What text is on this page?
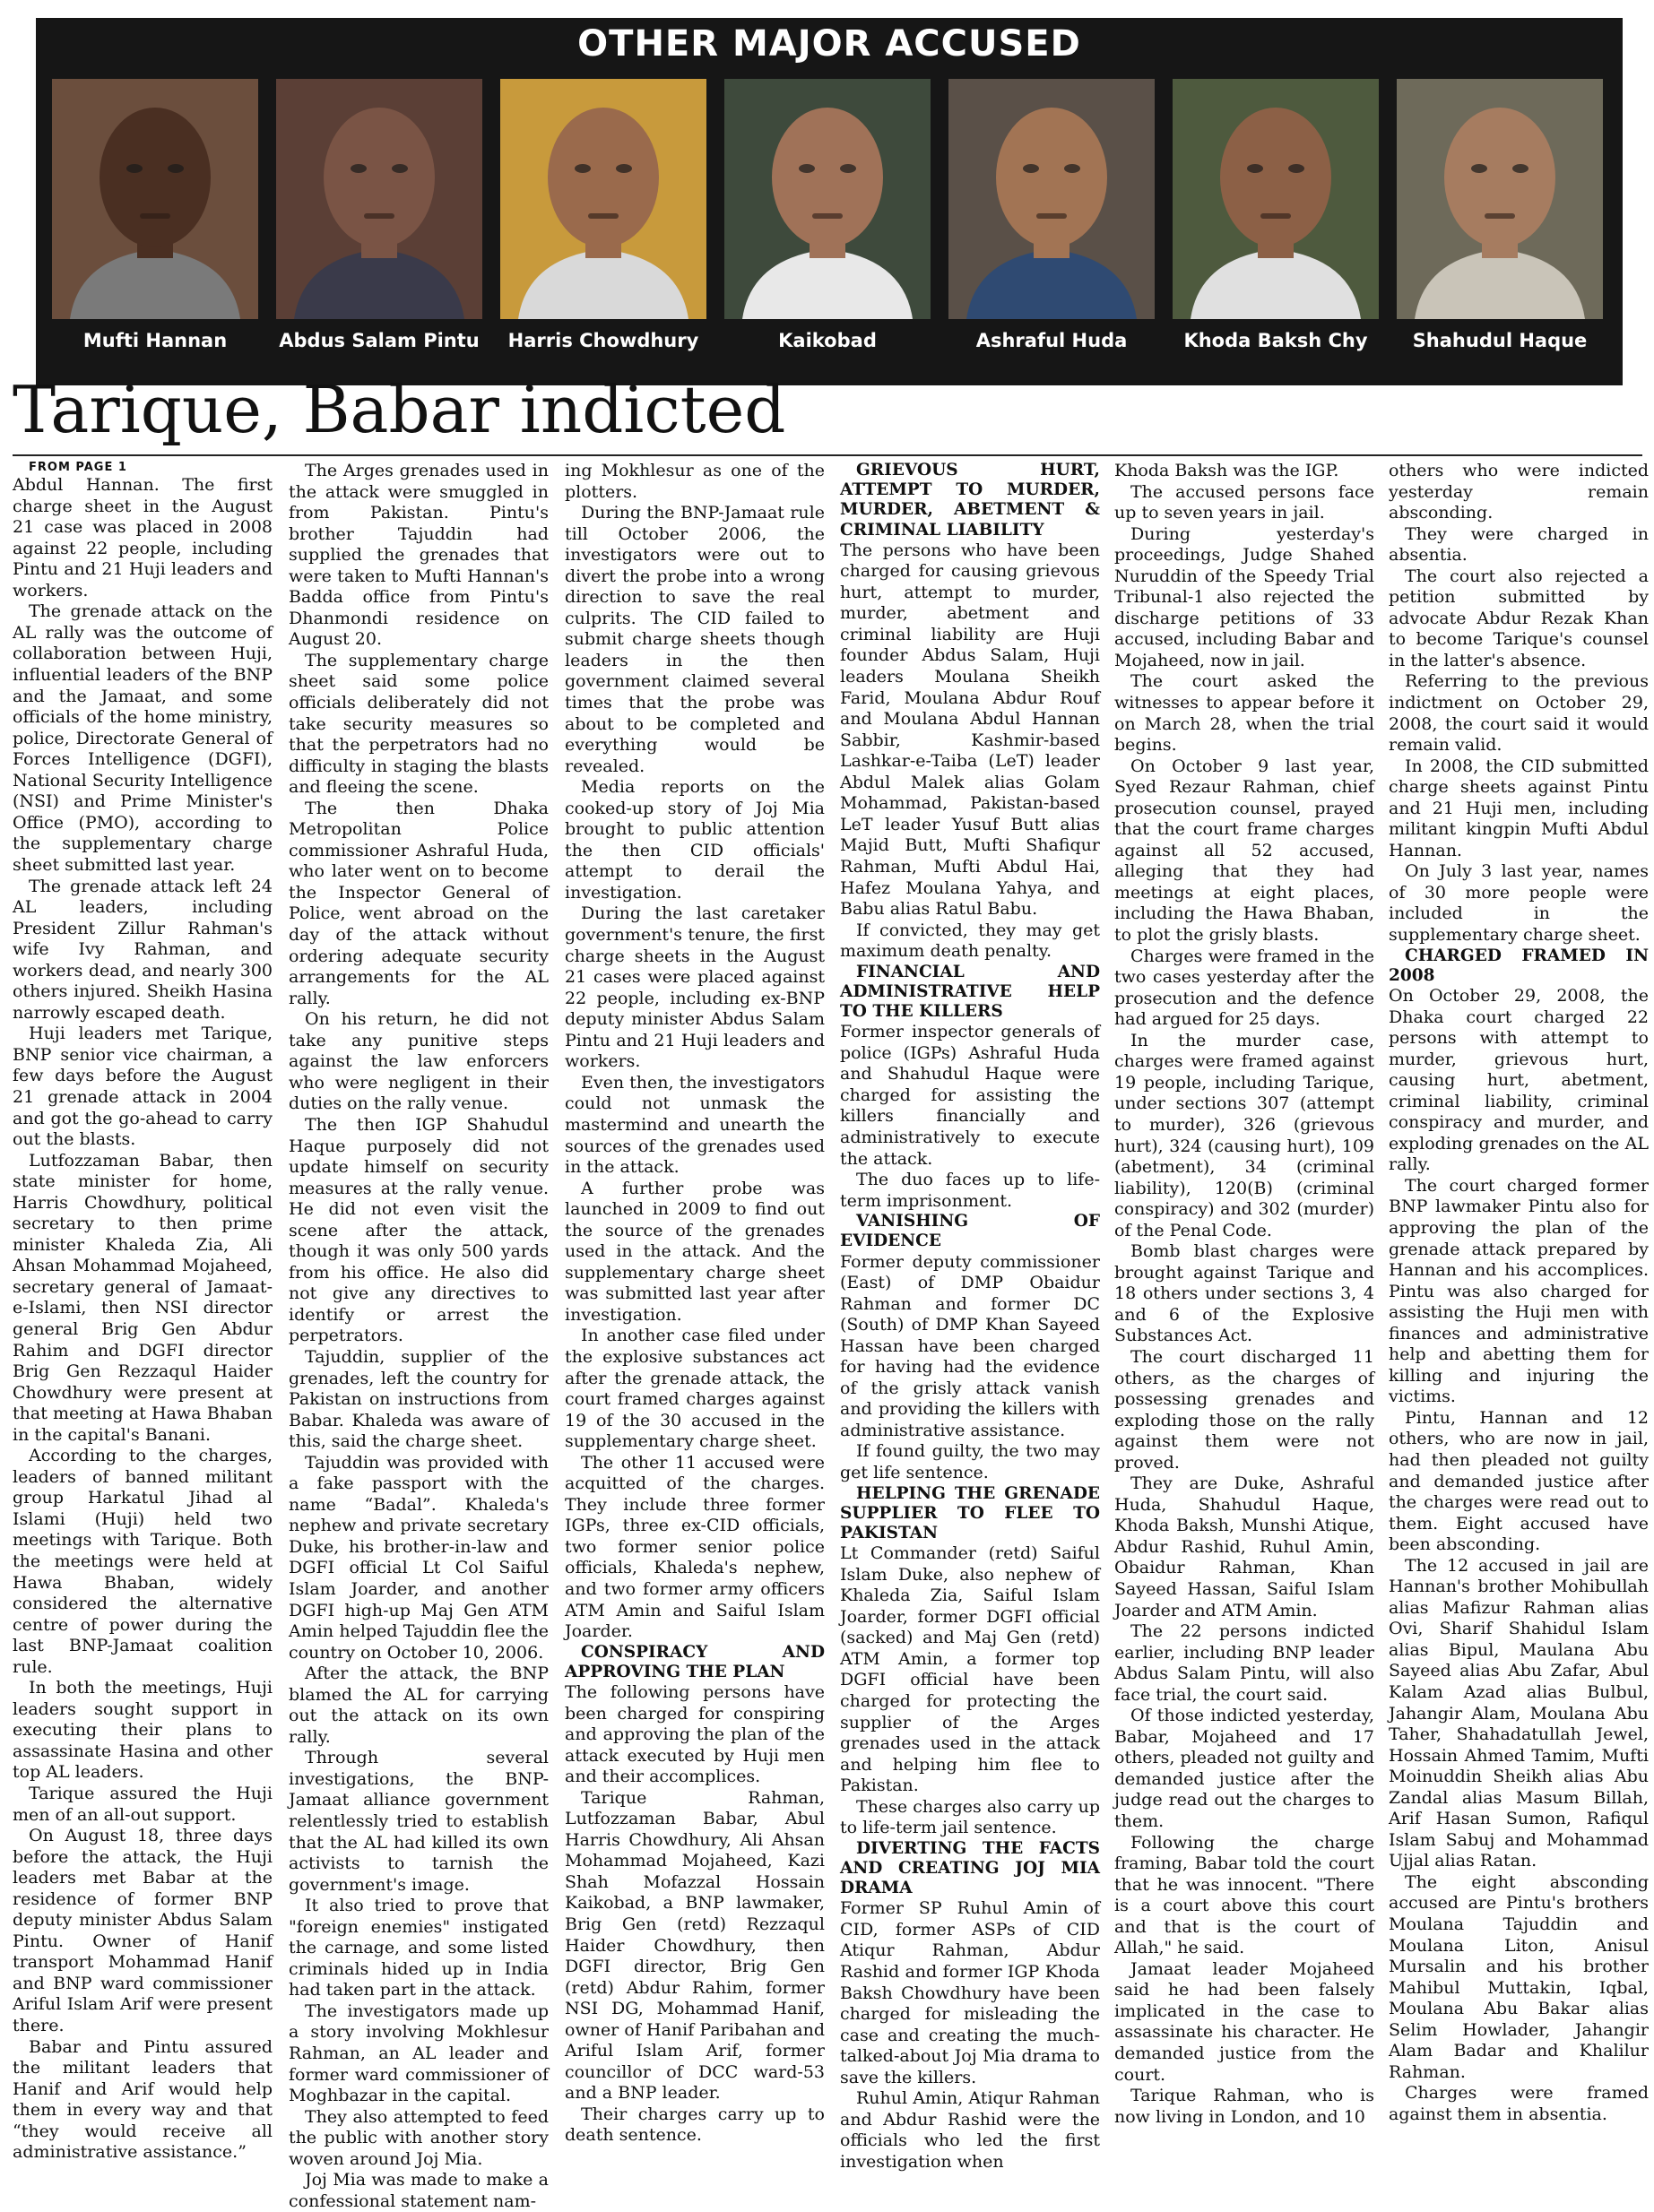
OTHER MAJOR ACCUSED
Mufti Hannan	Abdus Salam Pintu	Harris Chowdhury	Kaikobad	Ashraful Huda	Khoda Baksh Chy	Shahudul Haque
Tarique, Babar indicted

FROM PAGE 1

Abdul Hannan. The first charge sheet in the August 21 case was placed in 2008 against 22 people, including Pintu and 21 Huji leaders and workers.

The grenade attack on the AL rally was the outcome of collaboration between Huji, influential leaders of the BNP and the Jamaat, and some officials of the home ministry, police, Directorate General of Forces Intelligence (DGFI), National Security Intelligence (NSI) and Prime Minister's Office (PMO), according to the supplementary charge sheet submitted last year.

The grenade attack left 24 AL leaders, including President Zillur Rahman's wife Ivy Rahman, and workers dead, and nearly 300 others injured. Sheikh Hasina narrowly escaped death.

Huji leaders met Tarique, BNP senior vice chairman, a few days before the August 21 grenade attack in 2004 and got the go-ahead to carry out the blasts.

Lutfozzaman Babar, then state minister for home, Harris Chowdhury, political secretary to then prime minister Khaleda Zia, Ali Ahsan Mohammad Mojaheed, secretary general of Jamaat-e-Islami, then NSI director general Brig Gen Abdur Rahim and DGFI director Brig Gen Rezzaqul Haider Chowdhury were present at that meeting at Hawa Bhaban in the capital's Banani.

According to the charges, leaders of banned militant group Harkatul Jihad al Islami (Huji) held two meetings with Tarique. Both the meetings were held at Hawa Bhaban, widely considered the alternative centre of power during the last BNP-Jamaat coalition rule.

In both the meetings, Huji leaders sought support in executing their plans to assassinate Hasina and other top AL leaders.

Tarique assured the Huji men of an all-out support.

On August 18, three days before the attack, the Huji leaders met Babar at the residence of former BNP deputy minister Abdus Salam Pintu. Owner of Hanif transport Mohammad Hanif and BNP ward commissioner Ariful Islam Arif were present there.

Babar and Pintu assured the militant leaders that Hanif and Arif would help them in every way and that “they would receive all administrative assistance.”

The Arges grenades used in the attack were smuggled in from Pakistan. Pintu's brother Tajuddin had supplied the grenades that were taken to Mufti Hannan's Badda office from Pintu's Dhanmondi residence on August 20.

The supplementary charge sheet said some police officials deliberately did not take security measures so that the perpetrators had no difficulty in staging the blasts and fleeing the scene.

The then Dhaka Metropolitan Police commissioner Ashraful Huda, who later went on to become the Inspector General of Police, went abroad on the day of the attack without ordering adequate security arrangements for the AL rally.

On his return, he did not take any punitive steps against the law enforcers who were negligent in their duties on the rally venue.

The then IGP Shahudul Haque purposely did not update himself on security measures at the rally venue. He did not even visit the scene after the attack, though it was only 500 yards from his office. He also did not give any directives to identify or arrest the perpetrators.

Tajuddin, supplier of the grenades, left the country for Pakistan on instructions from Babar. Khaleda was aware of this, said the charge sheet.

Tajuddin was provided with a fake passport with the name “Badal”. Khaleda's nephew and private secretary Duke, his brother-in-law and DGFI official Lt Col Saiful Islam Joarder, and another DGFI high-up Maj Gen ATM Amin helped Tajuddin flee the country on October 10, 2006.

After the attack, the BNP blamed the AL for carrying out the attack on its own rally.

Through several investigations, the BNP-Jamaat alliance government relentlessly tried to establish that the AL had killed its own activists to tarnish the government's image.

It also tried to prove that "foreign enemies" instigated the carnage, and some listed criminals hided up in India had taken part in the attack.

The investigators made up a story involving Mokhlesur Rahman, an AL leader and former ward commissioner of Moghbazar in the capital.

They also attempted to feed the public with another story woven around Joj Mia.

Joj Mia was made to make a confessional statement nam-

ing Mokhlesur as one of the plotters.

During the BNP-Jamaat rule till October 2006, the investigators were out to divert the probe into a wrong direction to save the real culprits. The CID failed to submit charge sheets though leaders in the then government claimed several times that the probe was about to be completed and everything would be revealed.

Media reports on the cooked-up story of Joj Mia brought to public attention the then CID officials' attempt to derail the investigation.

During the last caretaker government's tenure, the first charge sheets in the August 21 cases were placed against 22 people, including ex-BNP deputy minister Abdus Salam Pintu and 21 Huji leaders and workers.

Even then, the investigators could not unmask the mastermind and unearth the sources of the grenades used in the attack.

A further probe was launched in 2009 to find out the source of the grenades used in the attack. And the supplementary charge sheet was submitted last year after investigation.

In another case filed under the explosive substances act after the grenade attack, the court framed charges against 19 of the 30 accused in the supplementary charge sheet.

The other 11 accused were acquitted of the charges. They include three former IGPs, three ex-CID officials, two former senior police officials, Khaleda's nephew, and two former army officers ATM Amin and Saiful Islam Joarder.

CONSPIRACY AND APPROVING THE PLAN

The following persons have been charged for conspiring and approving the plan of the attack executed by Huji men and their accomplices.

Tarique Rahman, Lutfozzaman Babar, Abul Harris Chowdhury, Ali Ahsan Mohammad Mojaheed, Kazi Shah Mofazzal Hossain Kaikobad, a BNP lawmaker, Brig Gen (retd) Rezzaqul Haider Chowdhury, then DGFI director, Brig Gen (retd) Abdur Rahim, former NSI DG, Mohammad Hanif, owner of Hanif Paribahan and Ariful Islam Arif, former councillor of DCC ward-53 and a BNP leader.

Their charges carry up to death sentence.

GRIEVOUS HURT, ATTEMPT TO MURDER, MURDER, ABETMENT & CRIMINAL LIABILITY

The persons who have been charged for causing grievous hurt, attempt to murder, murder, abetment and criminal liability are Huji founder Abdus Salam, Huji leaders Moulana Sheikh Farid, Moulana Abdur Rouf and Moulana Abdul Hannan Sabbir, Kashmir-based Lashkar-e-Taiba (LeT) leader Abdul Malek alias Golam Mohammad, Pakistan-based LeT leader Yusuf Butt alias Majid Butt, Mufti Shafiqur Rahman, Mufti Abdul Hai, Hafez Moulana Yahya, and Babu alias Ratul Babu.

If convicted, they may get maximum death penalty.

FINANCIAL AND ADMINISTRATIVE HELP TO THE KILLERS

Former inspector generals of police (IGPs) Ashraful Huda and Shahudul Haque were charged for assisting the killers financially and administratively to execute the attack.

The duo faces up to life-term imprisonment.

VANISHING OF EVIDENCE

Former deputy commissioner (East) of DMP Obaidur Rahman and former DC (South) of DMP Khan Sayeed Hassan have been charged for having had the evidence of the grisly attack vanish and providing the killers with administrative assistance.

If found guilty, the two may get life sentence.

HELPING THE GRENADE SUPPLIER TO FLEE TO PAKISTAN

Lt Commander (retd) Saiful Islam Duke, also nephew of Khaleda Zia, Saiful Islam Joarder, former DGFI official (sacked) and Maj Gen (retd) ATM Amin, a former top DGFI official have been charged for protecting the supplier of the Arges grenades used in the attack and helping him flee to Pakistan.

These charges also carry up to life-term jail sentence.

DIVERTING THE FACTS AND CREATING JOJ MIA DRAMA

Former SP Ruhul Amin of CID, former ASPs of CID Atiqur Rahman, Abdur Rashid and former IGP Khoda Baksh Chowdhury have been charged for misleading the case and creating the much-talked-about Joj Mia drama to save the killers.

Ruhul Amin, Atiqur Rahman and Abdur Rashid were the officials who led the first investigation when

Khoda Baksh was the IGP.

The accused persons face up to seven years in jail.

During yesterday's proceedings, Judge Shahed Nuruddin of the Speedy Trial Tribunal-1 also rejected the discharge petitions of 33 accused, including Babar and Mojaheed, now in jail.

The court asked the witnesses to appear before it on March 28, when the trial begins.

On October 9 last year, Syed Rezaur Rahman, chief prosecution counsel, prayed that the court frame charges against all 52 accused, alleging that they had meetings at eight places, including the Hawa Bhaban, to plot the grisly blasts.

Charges were framed in the two cases yesterday after the prosecution and the defence had argued for 25 days.

In the murder case, charges were framed against 19 people, including Tarique, under sections 307 (attempt to murder), 326 (grievous hurt), 324 (causing hurt), 109 (abetment), 34 (criminal liability), 120(B) (criminal conspiracy) and 302 (murder) of the Penal Code.

Bomb blast charges were brought against Tarique and 18 others under sections 3, 4 and 6 of the Explosive Substances Act.

The court discharged 11 others, as the charges of possessing grenades and exploding those on the rally against them were not proved.

They are Duke, Ashraful Huda, Shahudul Haque, Khoda Baksh, Munshi Atique, Abdur Rashid, Ruhul Amin, Obaidur Rahman, Khan Sayeed Hassan, Saiful Islam Joarder and ATM Amin.

The 22 persons indicted earlier, including BNP leader Abdus Salam Pintu, will also face trial, the court said.

Of those indicted yesterday, Babar, Mojaheed and 17 others, pleaded not guilty and demanded justice after the judge read out the charges to them.

Following the charge framing, Babar told the court that he was innocent. "There is a court above this court and that is the court of Allah," he said.

Jamaat leader Mojaheed said he had been falsely implicated in the case to assassinate his character. He demanded justice from the court.

Tarique Rahman, who is now living in London, and 10

others who were indicted yesterday remain absconding.

They were charged in absentia.

The court also rejected a petition submitted by advocate Abdur Rezak Khan to become Tarique's counsel in the latter's absence.

Referring to the previous indictment on October 29, 2008, the court said it would remain valid.

In 2008, the CID submitted charge sheets against Pintu and 21 Huji men, including militant kingpin Mufti Abdul Hannan.

On July 3 last year, names of 30 more people were included in the supplementary charge sheet.

CHARGED FRAMED IN 2008

On October 29, 2008, the Dhaka court charged 22 persons with attempt to murder, grievous hurt, causing hurt, abetment, criminal liability, criminal conspiracy and murder, and exploding grenades on the AL rally.

The court charged former BNP lawmaker Pintu also for approving the plan of the grenade attack prepared by Hannan and his accomplices. Pintu was also charged for assisting the Huji men with finances and administrative help and abetting them for killing and injuring the victims.

Pintu, Hannan and 12 others, who are now in jail, had then pleaded not guilty and demanded justice after the charges were read out to them. Eight accused have been absconding.

The 12 accused in jail are Hannan's brother Mohibullah alias Mafizur Rahman alias Ovi, Sharif Shahidul Islam alias Bipul, Maulana Abu Sayeed alias Abu Zafar, Abul Kalam Azad alias Bulbul, Jahangir Alam, Moulana Abu Taher, Shahadatullah Jewel, Hossain Ahmed Tamim, Mufti Moinuddin Sheikh alias Abu Zandal alias Masum Billah, Arif Hasan Sumon, Rafiqul Islam Sabuj and Mohammad Ujjal alias Ratan.

The eight absconding accused are Pintu's brothers Moulana Tajuddin and Moulana Liton, Anisul Mursalin and his brother Mahibul Muttakin, Iqbal, Moulana Abu Bakar alias Selim Howlader, Jahangir Alam Badar and Khalilur Rahman.

Charges were framed against them in absentia.
